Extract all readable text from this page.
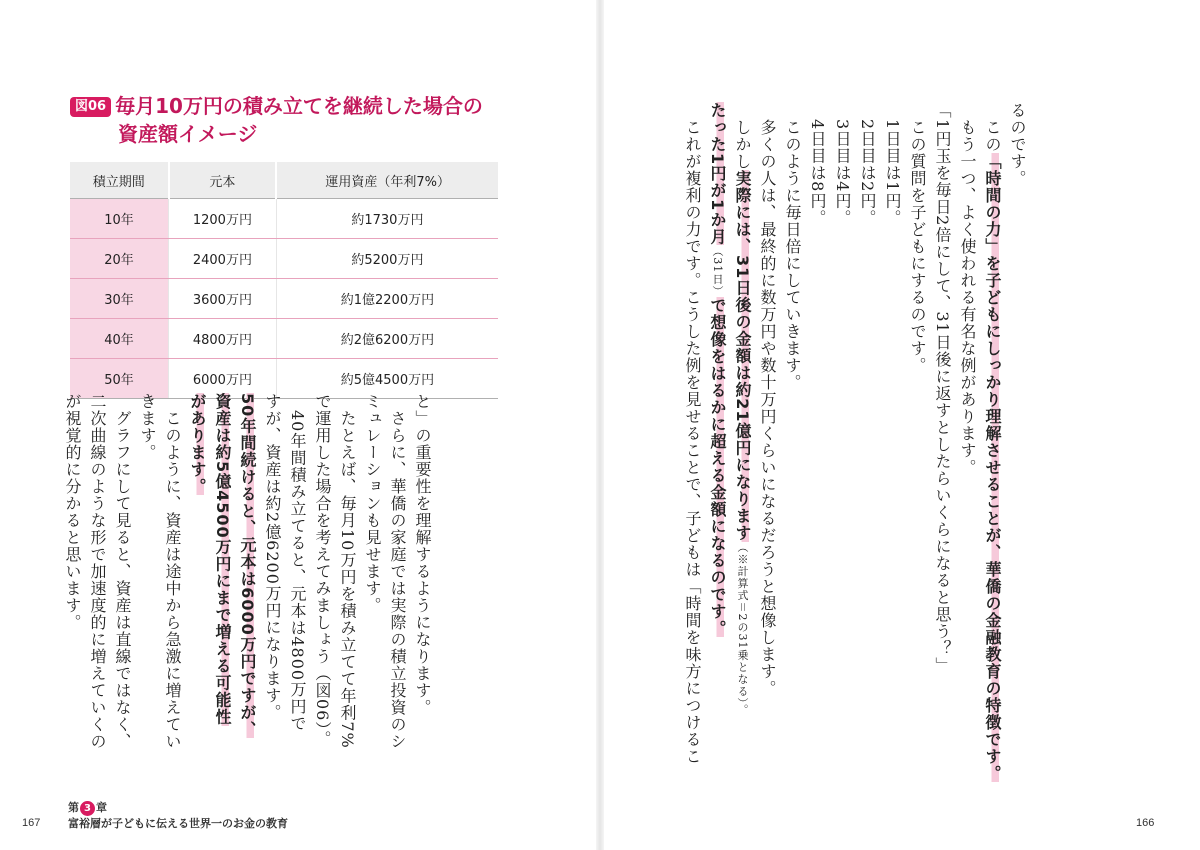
図06 毎月10万円の積み立てを継続した場合の
資産額イメージ
積立期間	元本	運用資産（年利7%）
10年	1200万円	約1730万円
20年	2400万円	約5200万円
30年	3600万円	約1億2200万円
40年	4800万円	約2億6200万円
50年	6000万円	約5億4500万円
と」の重要性を理解するようになります。
　さらに、華僑の家庭では実際の積立投資のシ
ミュレーションも見せます。
　たとえば、毎月10万円を積み立てて年利7%
で運用した場合を考えてみましょう（図06）。
　40年間積み立てると、元本は4800万円で
すが、資産は約2億6200万円になります。
50年間続けると、元本は6000万円ですが、
資産は約5億4500万円にまで増える可能性
があります。
　このように、資産は途中から急激に増えてい
きます。
　グラフにして見ると、資産は直線ではなく、
二次曲線のような形で加速度的に増えていくの
が視覚的に分かると思います。
るのです。
　この「時間の力」を子どもにしっかり理解させることが、華僑の金融教育の特徴です。
　もう一つ、よく使われる有名な例があります。
「1円玉を毎日2倍にして、31日後に返すとしたらいくらになると思う？」
　この質問を子どもにするのです。
　1日目は1円。
　2日目は2円。
　3日目は4円。
　4日目は8円。
　このように毎日倍にしていきます。
　多くの人は、最終的に数万円や数十万円くらいになるだろうと想像します。
　しかし実際には、31日後の金額は約21億円になります（※計算式＝2の31乗となる）。
たった1円が1か月（31日）で想像をはるかに超える金額になるのです。
　これが複利の力です。こうした例を見せることで、子どもは「時間を味方につけるこ
167
第 3 章
富裕層が子どもに伝える世界一のお金の教育	166
